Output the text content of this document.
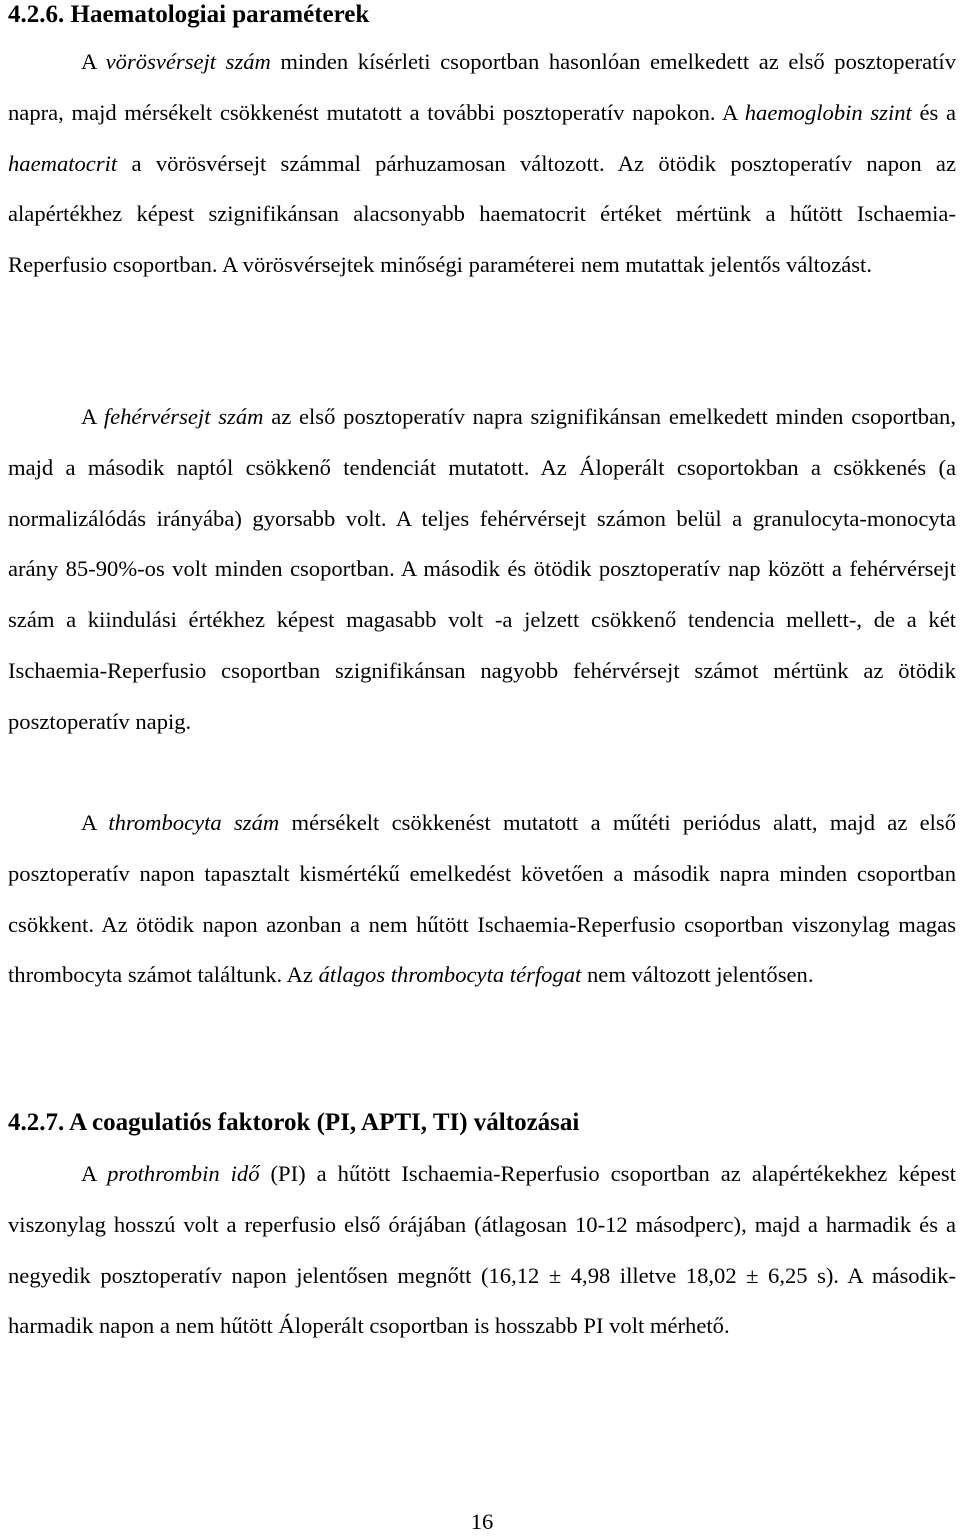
4.2.6. Haematologiai paraméterek

A vörösvérsejt szám minden kísérleti csoportban hasonlóan emelkedett az első posztoperatív napra, majd mérsékelt csökkenést mutatott a további posztoperatív napokon. A haemoglobin szint és a haematocrit a vörösvérsejt számmal párhuzamosan változott. Az ötödik posztoperatív napon az alapértékhez képest szignifikánsan alacsonyabb haematocrit értéket mértünk a hűtött Ischaemia-Reperfusio csoportban. A vörösvérsejtek minőségi paraméterei nem mutattak jelentős változást.

A fehérvérsejt szám az első posztoperatív napra szignifikánsan emelkedett minden csoportban, majd a második naptól csökkenő tendenciát mutatott. Az Áloperált csoportokban a csökkenés (a normalizálódás irányába) gyorsabb volt. A teljes fehérvérsejt számon belül a granulocyta-monocyta arány 85-90%-os volt minden csoportban. A második és ötödik posztoperatív nap között a fehérvérsejt szám a kiindulási értékhez képest magasabb volt -a jelzett csökkenő tendencia mellett-, de a két Ischaemia-Reperfusio csoportban szignifikánsan nagyobb fehérvérsejt számot mértünk az ötödik posztoperatív napig.

A thrombocyta szám mérsékelt csökkenést mutatott a műtéti periódus alatt, majd az első posztoperatív napon tapasztalt kismértékű emelkedést követően a második napra minden csoportban csökkent. Az ötödik napon azonban a nem hűtött Ischaemia-Reperfusio csoportban viszonylag magas thrombocyta számot találtunk. Az átlagos thrombocyta térfogat nem változott jelentősen.

4.2.7. A coagulatiós faktorok (PI, APTI, TI) változásai

A prothrombin idő (PI) a hűtött Ischaemia-Reperfusio csoportban az alapértékekhez képest viszonylag hosszú volt a reperfusio első órájában (átlagosan 10-12 másodperc), majd a harmadik és a negyedik posztoperatív napon jelentősen megnőtt (16,12 ± 4,98 illetve 18,02 ± 6,25 s). A második-harmadik napon a nem hűtött Áloperált csoportban is hosszabb PI volt mérhető.

16
